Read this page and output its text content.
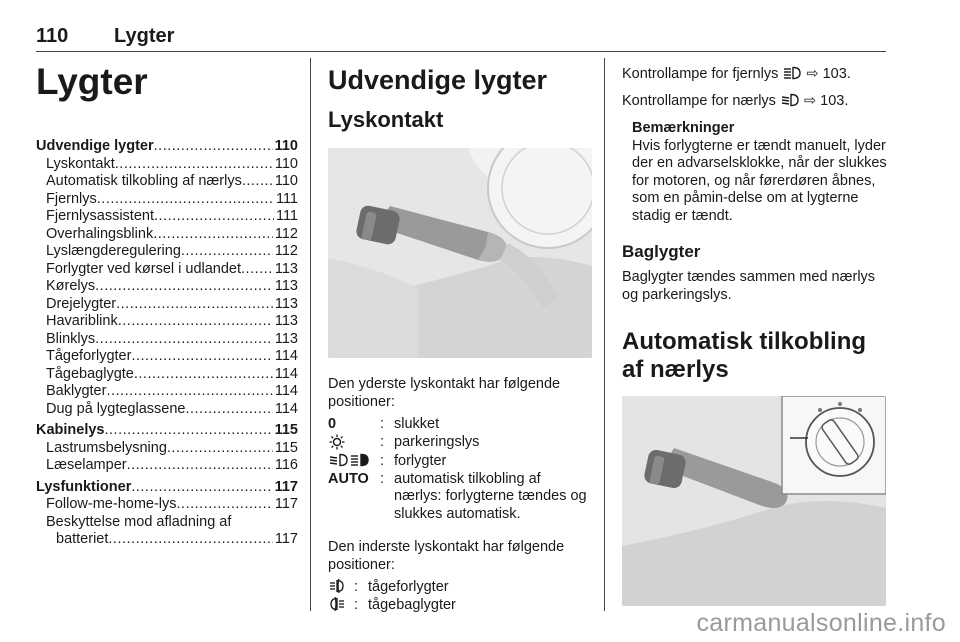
110	Lygter
Lygter
Udvendige lygter .....	110
Lyskontakt .....	110
Automatisk tilkobling af nærlys ..... 110
Fjernlys .....	111
Fjernlysassistent .....	111
Overhalingsblink .....	112
Lyslængderegulering .....	112
Forlygter ved kørsel i udlandet ..... 113
Kørelys .....	113
Drejelygter .....	113
Havariblink .....	113
Blinklys .....	113
Tågeforlygter .....	114
Tågebaglygte .....	114
Baklygter .....	114
Dug på lygteglassene .....	114
Kabinelys .....	115
Lastrumsbelysning .....	115
Læselamper .....	116
Lysfunktioner .....	117
Follow-me-home-lys .....	117
Beskyttelse mod afladning af
batteriet .....	117
Udvendige lygter
Lyskontakt

Den yderste lyskontakt har følgende positioner:

0	: slukket
: parkeringslys
: forlygter
AUTO : automatisk tilkobling af nærlys: forlygterne tændes og slukkes automatisk.

Den inderste lyskontakt har følgende positioner:

: tågeforlygter
: tågebaglygter

Kontrollampe for fjernlys ⇨ 103.

Kontrollampe for nærlys ⇨ 103.

Bemærkninger

Hvis forlygterne er tændt manuelt, lyder der en advarselsklokke, når der slukkes for motoren, og når førerdøren åbnes, som en påmin-delse om at lygterne stadig er tændt.

Baglygter

Baglygter tændes sammen med nærlys og parkeringslys.

Automatisk tilkobling af nærlys
carmanualsonline.info
